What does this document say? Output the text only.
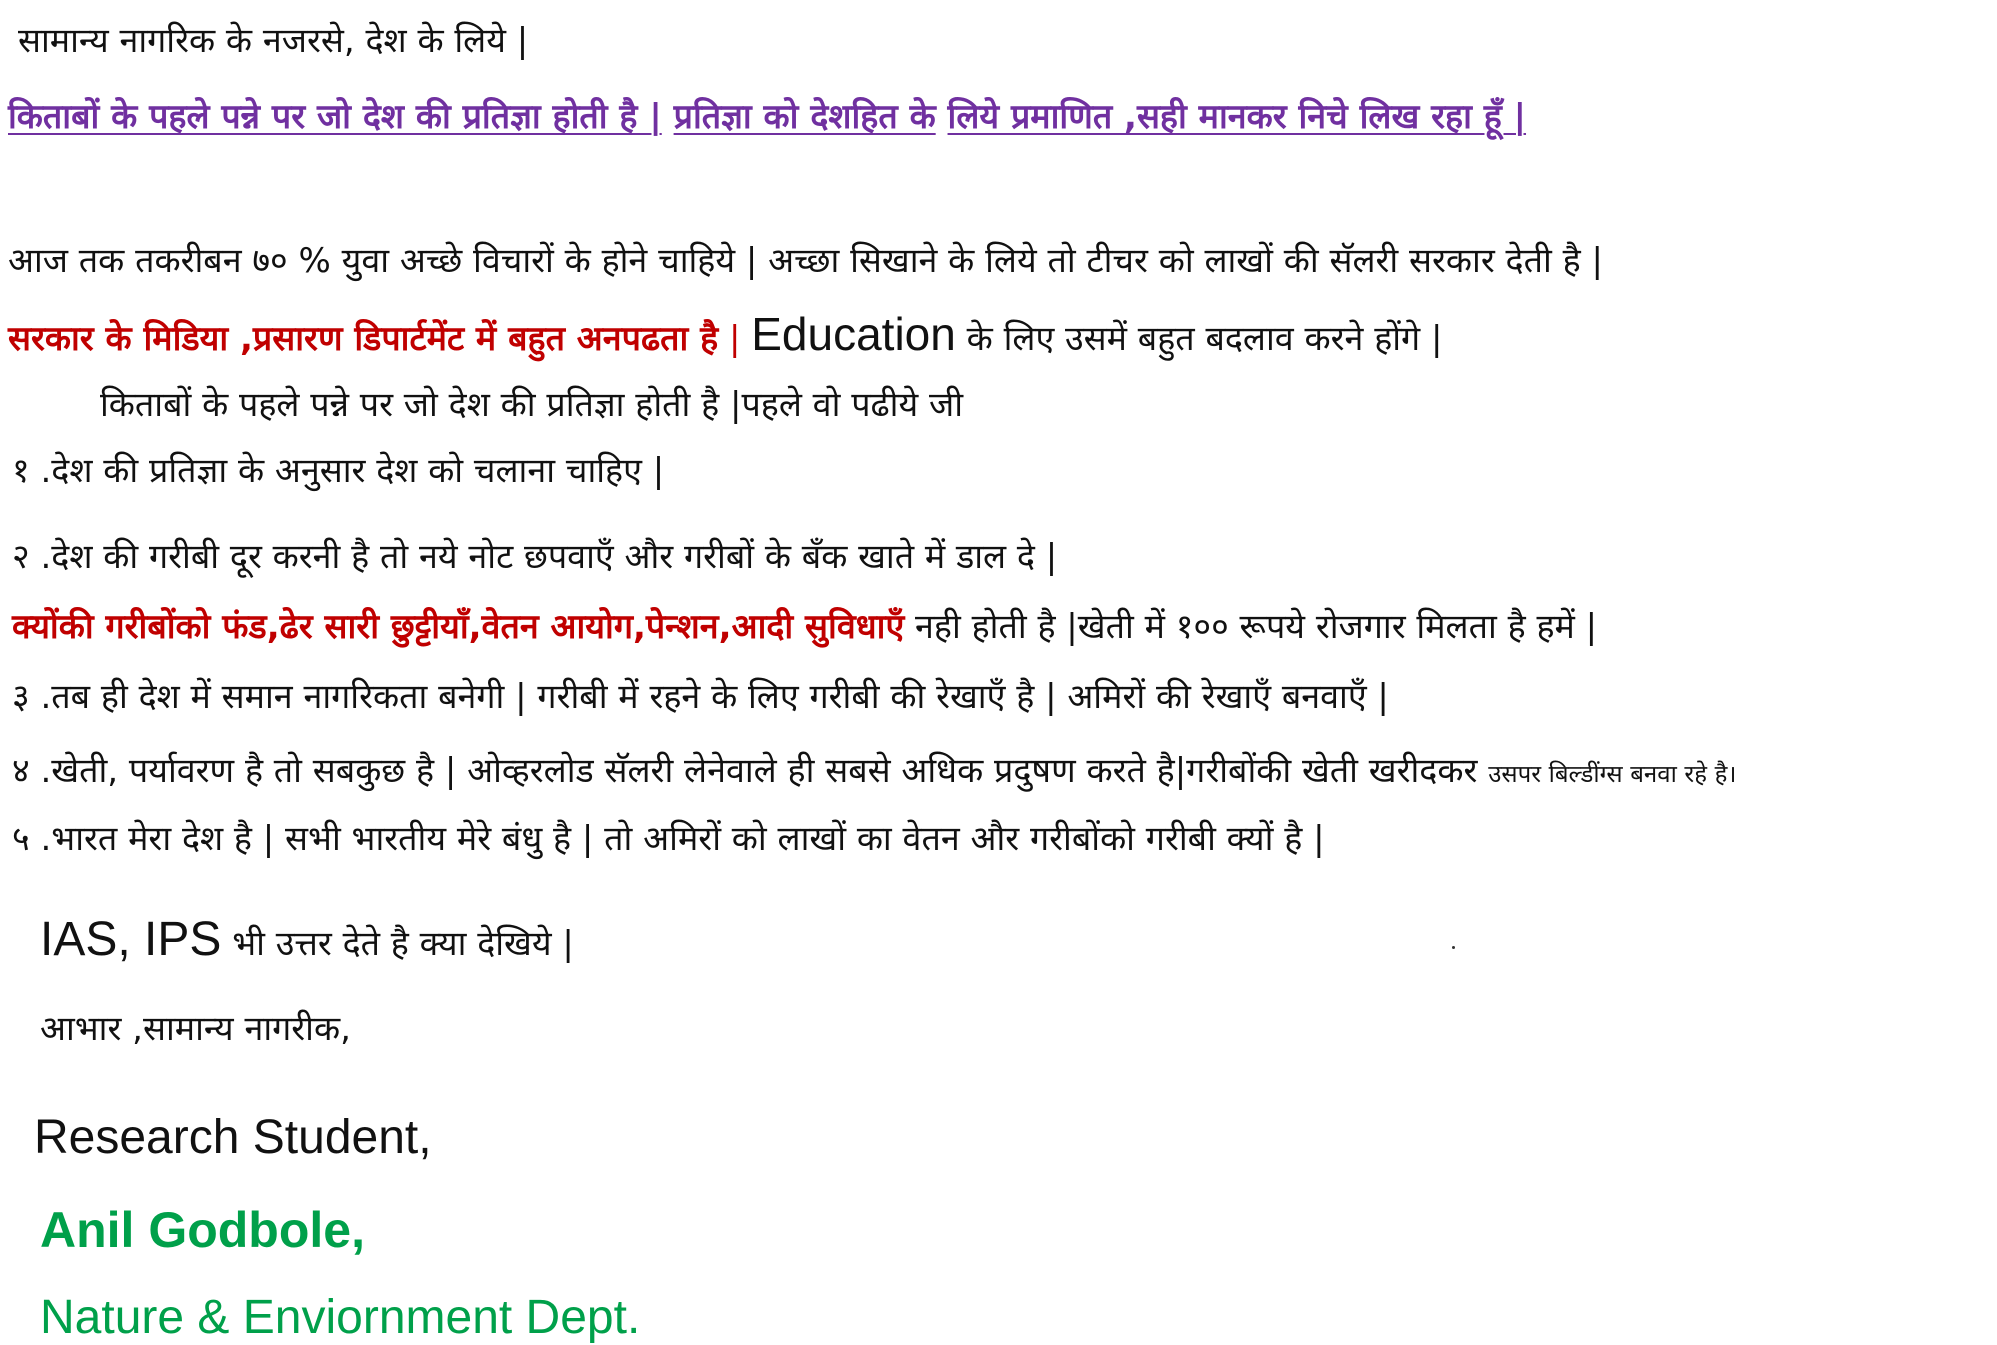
सामान्य नागरिक के नजरसे, देश के लिये |
किताबों के पहले पन्ने पर जो देश की प्रतिज्ञा होती है | प्रतिज्ञा को देशहित के लिये प्रमाणित ,सही मानकर निचे लिख रहा हूँ |
आज तक तकरीबन ७० % युवा अच्छे विचारों के होने चाहिये | अच्छा सिखाने के लिये तो टीचर को लाखों की सॅलरी सरकार देती है |
सरकार के मिडिया ,प्रसारण डिपार्टमेंट में बहुत अनपढता है | Education के लिए उसमें बहुत बदलाव करने होंगे |
किताबों के पहले पन्ने पर जो देश की प्रतिज्ञा होती है |पहले वो पढीये जी
१ .देश की प्रतिज्ञा के अनुसार देश को चलाना चाहिए |
२ .देश की गरीबी दूर करनी है तो नये नोट छपवाऍं और गरीबों के बॅंक खाते में डाल दे |
क्योंकी गरीबोंको फंड,ढेर सारी छुट्टीयॉं,वेतन आयोग,पेन्शन,आदी सुविधाऍं नही होती है |खेती में १०० रूपये रोजगार मिलता है हमें |
३ .तब ही देश में समान नागरिकता बनेगी | गरीबी में रहने के लिए गरीबी की रेखाऍं है | अमिरों की रेखाऍं बनवाऍं |
४ .खेती, पर्यावरण है तो सबकुछ है | ओव्हरलोड सॅलरी लेनेवाले ही सबसे अधिक प्रदुषण करते है|गरीबोंकी खेती खरीदकर उसपर बिल्डींग्स बनवा रहे है।
५ .भारत मेरा देश है | सभी भारतीय मेरे बंधु है | तो अमिरों को लाखों का वेतन और गरीबोंको गरीबी क्यों है |
IAS, IPS भी उत्तर देते है क्या देखिये |
आभार ,सामान्य नागरीक,
Research Student,
Anil Godbole,
Nature & Enviornment Dept.
